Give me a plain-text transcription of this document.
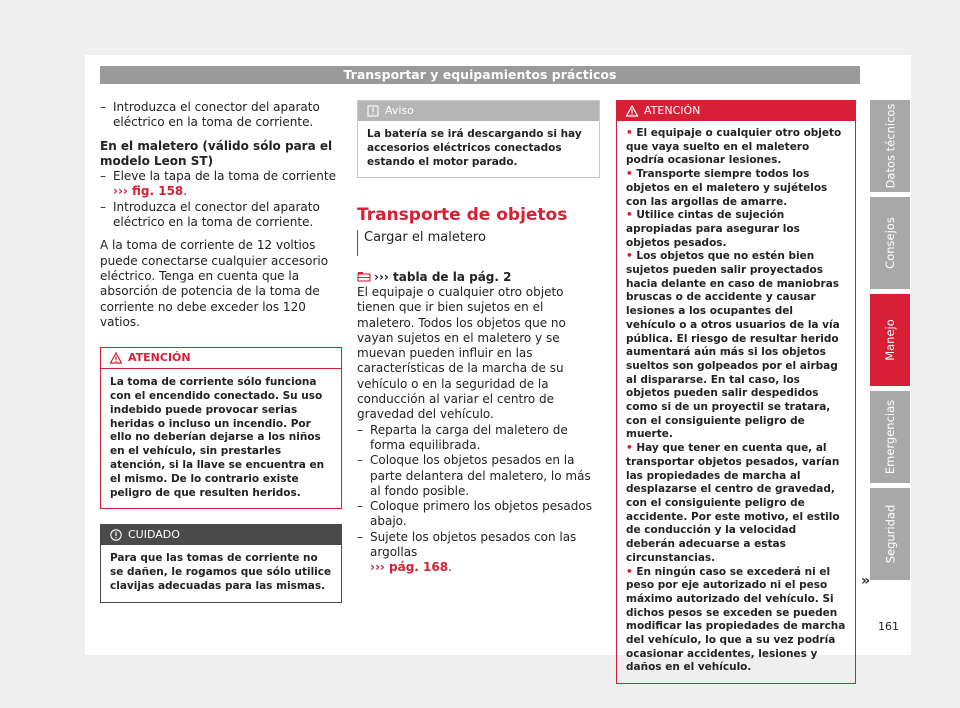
Transportar y equipamientos prácticos

– Introduzca el conector del aparato eléctrico en la toma de corriente.

En el maletero (válido sólo para el modelo Leon ST)

– Eleve la tapa de la toma de corriente
››› fig. 158.

– Introduzca el conector del aparato eléctrico en la toma de corriente.

A la toma de corriente de 12 voltios puede conectarse cualquier accesorio eléctrico. Tenga en cuenta que la absorción de potencia de la toma de corriente no debe exceder los 120 vatios.

ATENCIÓN
La toma de corriente sólo funciona con el encendido conectado. Su uso indebido puede provocar serias heridas o incluso un incendio. Por ello no deberían dejarse a los niños en el vehículo, sin prestarles atención, si la llave se encuentra en el mismo. De lo contrario existe peligro de que resulten heridos.
CUIDADO
Para que las tomas de corriente no se dañen, le rogamos que sólo utilice clavijas adecuadas para las mismas.
Aviso
La batería se irá descargando si hay accesorios eléctricos conectados estando el motor parado.

Transporte de objetos

Cargar el maletero

››› tabla de la pág. 2

El equipaje o cualquier otro objeto tienen que ir bien sujetos en el maletero. Todos los objetos que no vayan sujetos en el maletero y se muevan pueden influir en las características de la marcha de su vehículo o en la seguridad de la conducción al variar el centro de gravedad del vehículo.

– Reparta la carga del maletero de forma equilibrada.

– Coloque los objetos pesados en la parte delantera del maletero, lo más al fondo posible.

– Coloque primero los objetos pesados abajo.

– Sujete los objetos pesados con las argollas
››› pág. 168.

ATENCIÓN

• El equipaje o cualquier otro objeto que vaya suelto en el maletero podría ocasionar lesiones.

• Transporte siempre todos los objetos en el maletero y sujételos con las argollas de amarre.

• Utilice cintas de sujeción apropiadas para asegurar los objetos pesados.

• Los objetos que no estén bien sujetos pueden salir proyectados hacia delante en caso de maniobras bruscas o de accidente y causar lesiones a los ocupantes del vehículo o a otros usuarios de la vía pública. El riesgo de resultar herido aumentará aún más si los objetos sueltos son golpeados por el airbag al dispararse. En tal caso, los objetos pueden salir despedidos como si de un proyectil se tratara, con el consiguiente peligro de muerte.

• Hay que tener en cuenta que, al transportar objetos pesados, varían las propiedades de marcha al desplazarse el centro de gravedad, con el consiguiente peligro de accidente. Por este motivo, el estilo de conducción y la velocidad deberán adecuarse a estas circunstancias.

• En ningún caso se excederá ni el peso por eje autorizado ni el peso máximo autorizado del vehículo. Si dichos pesos se exceden se pueden modificar las propiedades de marcha del vehículo, lo que a su vez podría ocasionar accidentes, lesiones y daños en el vehículo.

»
Datos técnicos
Consejos
Manejo
Emergencias
Seguridad
161
